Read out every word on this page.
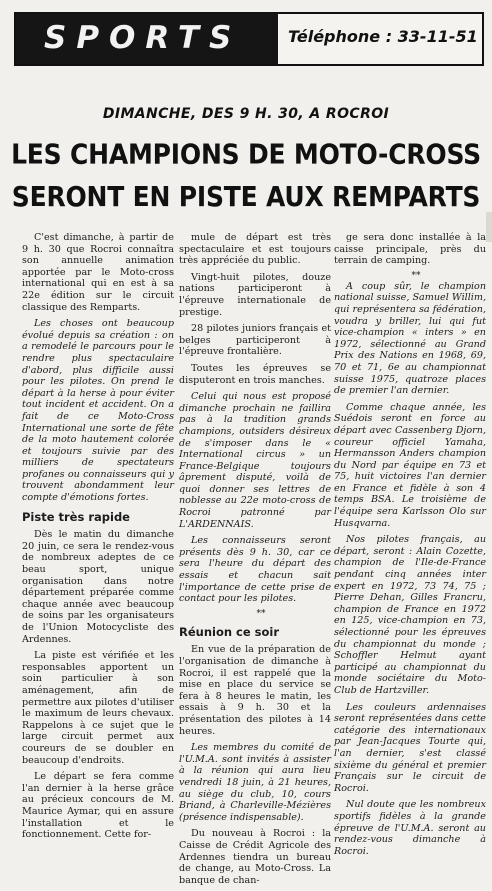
SPORTS	Téléphone : 33-11-51
DIMANCHE, DES 9 H. 30, A ROCROI
LES CHAMPIONS DE MOTO-CROSS
SERONT EN PISTE AUX REMPARTS

C'est dimanche, à partir de 9 h. 30 que Rocroi connaîtra son annuelle animation apportée par le Moto-cross international qui en est à sa 22e édition sur le circuit classique des Remparts.

Les choses ont beaucoup évolué depuis sa création : on a remodelé le parcours pour le rendre plus spectaculaire d'abord, plus difficile aussi pour les pilotes. On prend le départ à la herse à pour éviter tout incident et accident. On a fait de ce Moto-Cross International une sorte de fête de la moto hautement colorée et toujours suivie par des milliers de spectateurs profanes ou connaisseurs qui y trouvent abondamment leur compte d'émotions fortes.

Piste très rapide

Dès le matin du dimanche 20 juin, ce sera le rendez-vous de nombreux adeptes de ce beau sport, unique organisation dans notre département préparée comme chaque année avec beaucoup de soins par les organisateurs de l'Union Motocycliste des Ardennes.

La piste est vérifiée et les responsables apportent un soin particulier à son aménagement, afin de permettre aux pilotes d'utiliser le maximum de leurs chevaux. Rappelons à ce sujet que le large circuit permet aux coureurs de se doubler en beaucoup d'endroits.

Le départ se fera comme l'an dernier à la herse grâce au précieux concours de M. Maurice Aymar, qui en assure l'installation et le fonctionnement. Cette for-

mule de départ est très spectaculaire et est toujours très appréciée du public.

Vingt-huit pilotes, douze nations participeront à l'épreuve internationale de prestige.

28 pilotes juniors français et belges participeront à l'épreuve frontalière.

Toutes les épreuves se disputeront en trois manches.

Celui qui nous est proposé dimanche prochain ne faillira pas à la tradition grands champions, outsiders désireux de s'imposer dans le « International circus » un France-Belgique toujours âprement disputé, voilà de quoi donner ses lettres de noblesse au 22e moto-cross de Rocroi patronné par L'ARDENNAIS.

Les connaisseurs seront présents dès 9 h. 30, car ce sera l'heure du départ des essais et chacun sait l'importance de cette prise de contact pour les pilotes.

**

Réunion ce soir

En vue de la préparation de l'organisation de dimanche à Rocroi, il est rappelé que la mise en place du service se fera à 8 heures le matin, les essais à 9 h. 30 et la présentation des pilotes à 14 heures.

Les membres du comité de l'U.M.A. sont invités à assister à la réunion qui aura lieu vendredi 18 juin, à 21 heures, au siège du club, 10, cours Briand, à Charleville-Mézières (présence indispensable).

Du nouveau à Rocroi : la Caisse de Crédit Agricole des Ardennes tiendra un bureau de change, au Moto-Cross. La banque de chan-

ge sera donc installée à la caisse principale, près du terrain de camping.

**

A coup sûr, le champion national suisse, Samuel Willim, qui représentera sa fédération, voudra y briller, lui qui fut vice-champion « inters » en 1972, sélectionné au Grand Prix des Nations en 1968, 69, 70 et 71, 6e au championnat suisse 1975, quatroze places de premier l'an dernier.

Comme chaque année, les Suédois seront en force au départ avec Cassenberg Djorn, coureur officiel Yamaha, Hermansson Anders champion du Nord par équipe en 73 et 75, huit victoires l'an dernier en France et fidèle à son 4 temps BSA. Le troisième de l'équipe sera Karlsson Olo sur Husqvarna.

Nos pilotes français, au départ, seront : Alain Cozette, champion de l'Ile-de-France pendant cinq années inter expert en 1972, 73 74, 75 ; Pierre Dehan, Gilles Francru, champion de France en 1972 en 125, vice-champion en 73, sélectionné pour les épreuves du championnat du monde ; Schoffler Helmut ayant participé au championnat du monde sociétaire du Moto-Club de Hartzviller.

Les couleurs ardennaises seront représentées dans cette catégorie des internationaux par Jean-Jacques Tourte qui, l'an dernier, s'est classé sixième du général et premier Français sur le circuit de Rocroi.

Nul doute que les nombreux sportifs fidèles à la grande épreuve de l'U.M.A. seront au rendez-vous dimanche à Rocroi.
